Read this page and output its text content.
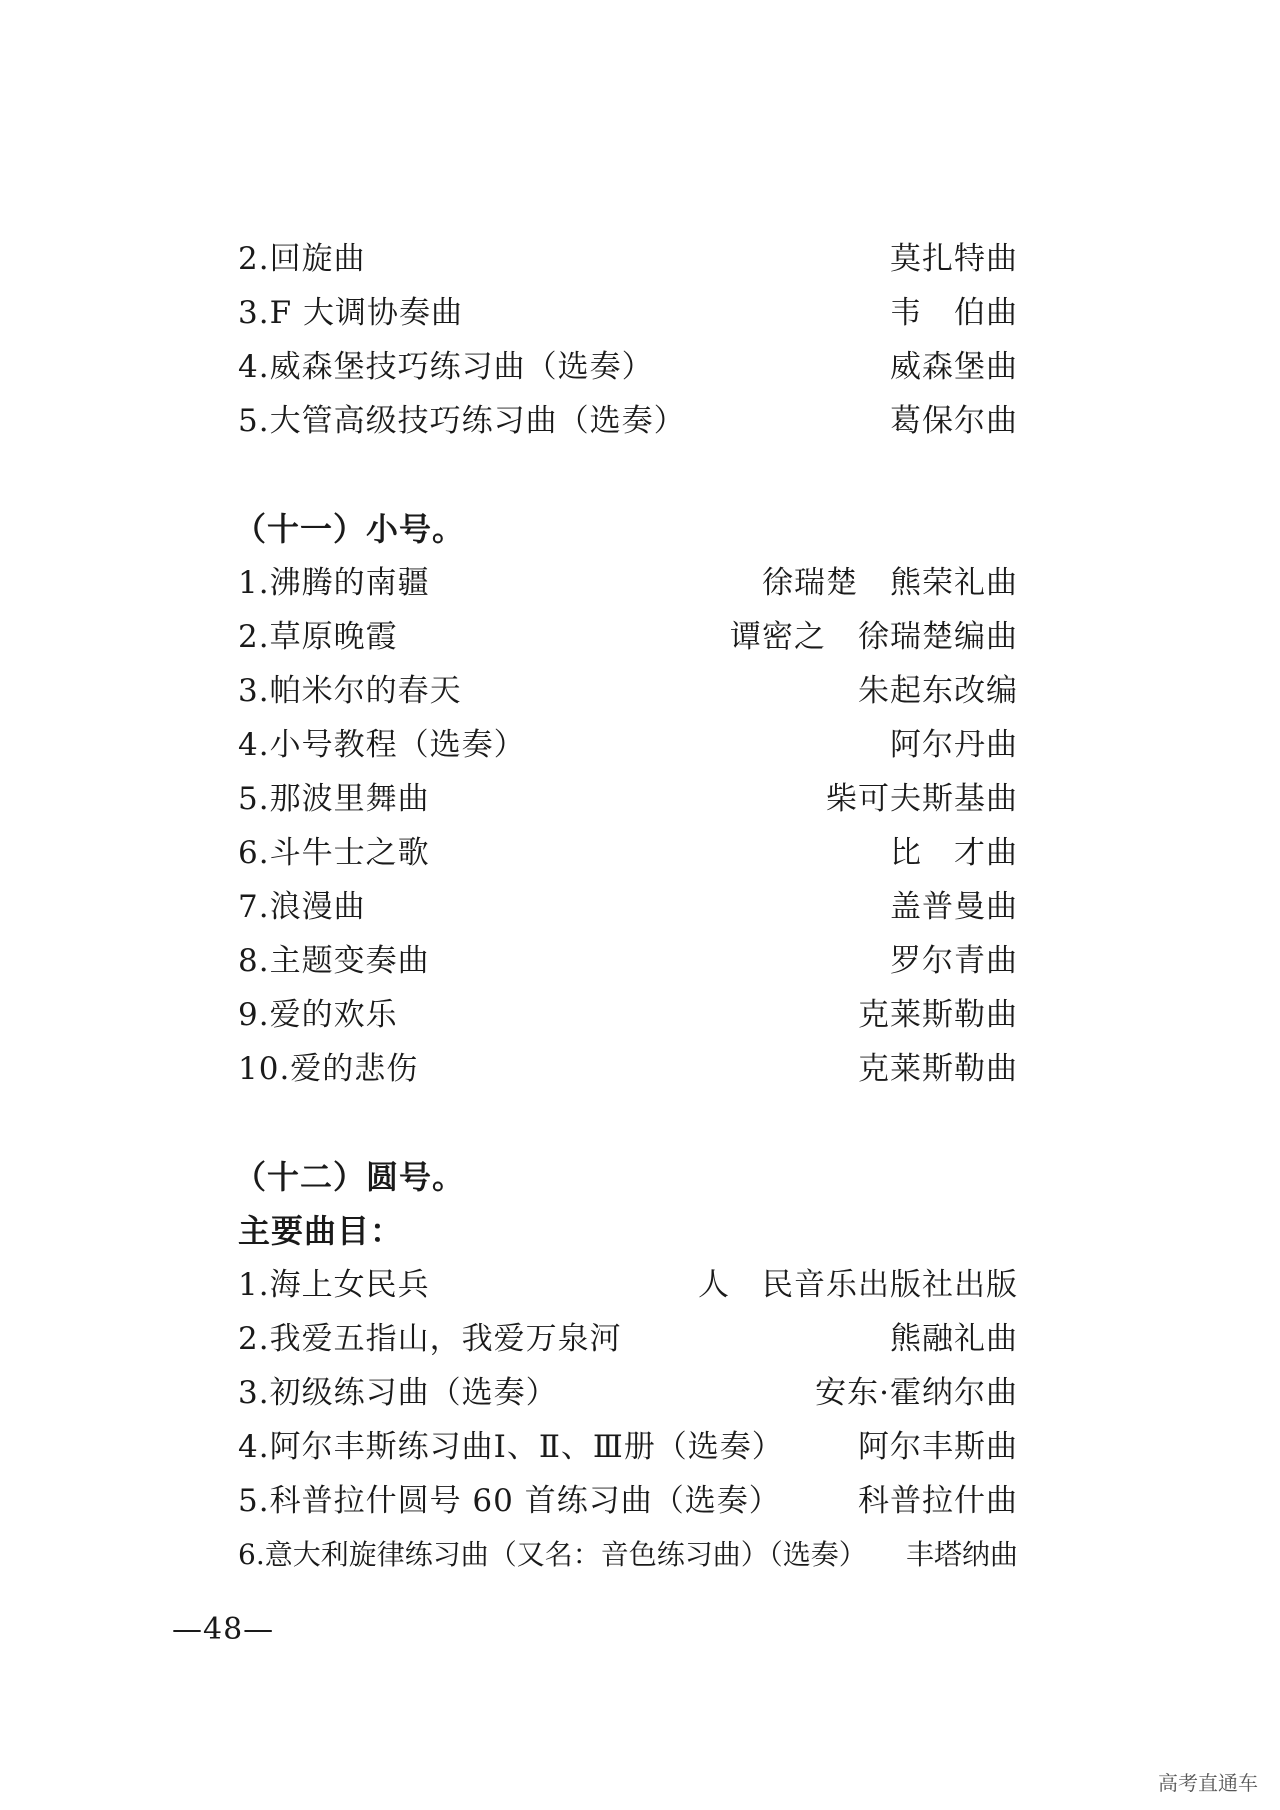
2.回旋曲	莫扎特曲
3.F 大调协奏曲	韦　伯曲
4.威森堡技巧练习曲（选奏）	威森堡曲
5.大管高级技巧练习曲（选奏）	葛保尔曲
（十一）小号。
1.沸腾的南疆	徐瑞楚　熊荣礼曲
2.草原晚霞	谭密之　徐瑞楚编曲
3.帕米尔的春天	朱起东改编
4.小号教程（选奏）	阿尔丹曲
5.那波里舞曲	柴可夫斯基曲
6.斗牛士之歌	比　才曲
7.浪漫曲	盖普曼曲
8.主题变奏曲	罗尔青曲
9.爱的欢乐	克莱斯勒曲
10.爱的悲伤	克莱斯勒曲
（十二）圆号。
主要曲目：
1.海上女民兵	人　民音乐出版社出版
2.我爱五指山，我爱万泉河	熊融礼曲
3.初级练习曲（选奏）	安东·霍纳尔曲
4.阿尔丰斯练习曲Ⅰ、Ⅱ、Ⅲ册（选奏） 阿尔丰斯曲
5.科普拉什圆号 60 首练习曲（选奏） 科普拉什曲
6.意大利旋律练习曲（又名：音色练习曲）（选奏） 丰塔纳曲
—48—
高考直通车
